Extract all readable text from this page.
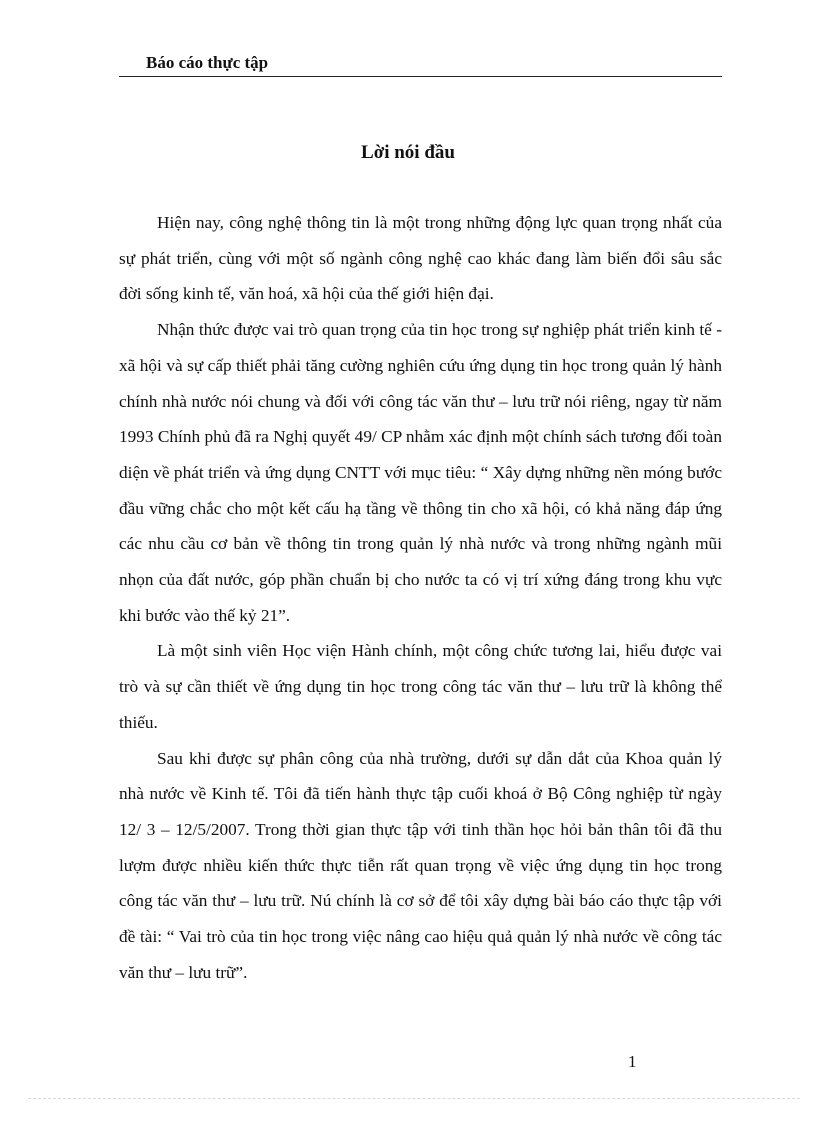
Báo cáo thực tập
Lời nói đầu

Hiện nay, công nghệ thông tin là một trong những động lực quan trọng nhất của sự phát triển, cùng với một số ngành công nghệ cao khác đang làm biến đổi sâu sắc đời sống kinh tế, văn hoá, xã hội của thế giới hiện đại.

Nhận thức được vai trò quan trọng của tin học trong sự nghiệp phát triển kinh tế - xã hội và sự cấp thiết phải tăng cường nghiên cứu ứng dụng tin học trong quản lý hành chính nhà nước nói chung và đối với công tác văn thư – lưu trữ nói riêng, ngay từ năm 1993 Chính phủ đã ra Nghị quyết 49/ CP nhằm xác định một chính sách tương đối toàn diện về phát triển và ứng dụng CNTT với mục tiêu: “ Xây dựng những nền móng bước đầu vững chắc cho một kết cấu hạ tầng về thông tin cho xã hội, có khả năng đáp ứng các nhu cầu cơ bản về thông tin trong quản lý nhà nước và trong những ngành mũi nhọn của đất nước, góp phần chuẩn bị cho nước ta có vị trí xứng đáng trong khu vực khi bước vào thế kỷ 21”.

Là một sinh viên Học viện Hành chính, một công chức tương lai, hiểu được vai trò và sự cần thiết về ứng dụng tin học trong công tác văn thư – lưu trữ là không thể thiếu.

Sau khi được sự phân công của nhà trường, dưới sự dẫn dắt của Khoa quản lý nhà nước về Kinh tế. Tôi đã tiến hành thực tập cuối khoá ở Bộ Công nghiệp từ ngày 12/ 3 – 12/5/2007. Trong thời gian thực tập với tinh thần học hỏi bản thân tôi đã thu lượm được nhiều kiến thức thực tiễn rất quan trọng về việc ứng dụng tin học trong công tác văn thư – lưu trữ. Nú chính là cơ sở để tôi xây dựng bài báo cáo thực tập với đề tài: “ Vai trò của tin học trong việc nâng cao hiệu quả quản lý nhà nước về công tác văn thư – lưu trữ”.

1
